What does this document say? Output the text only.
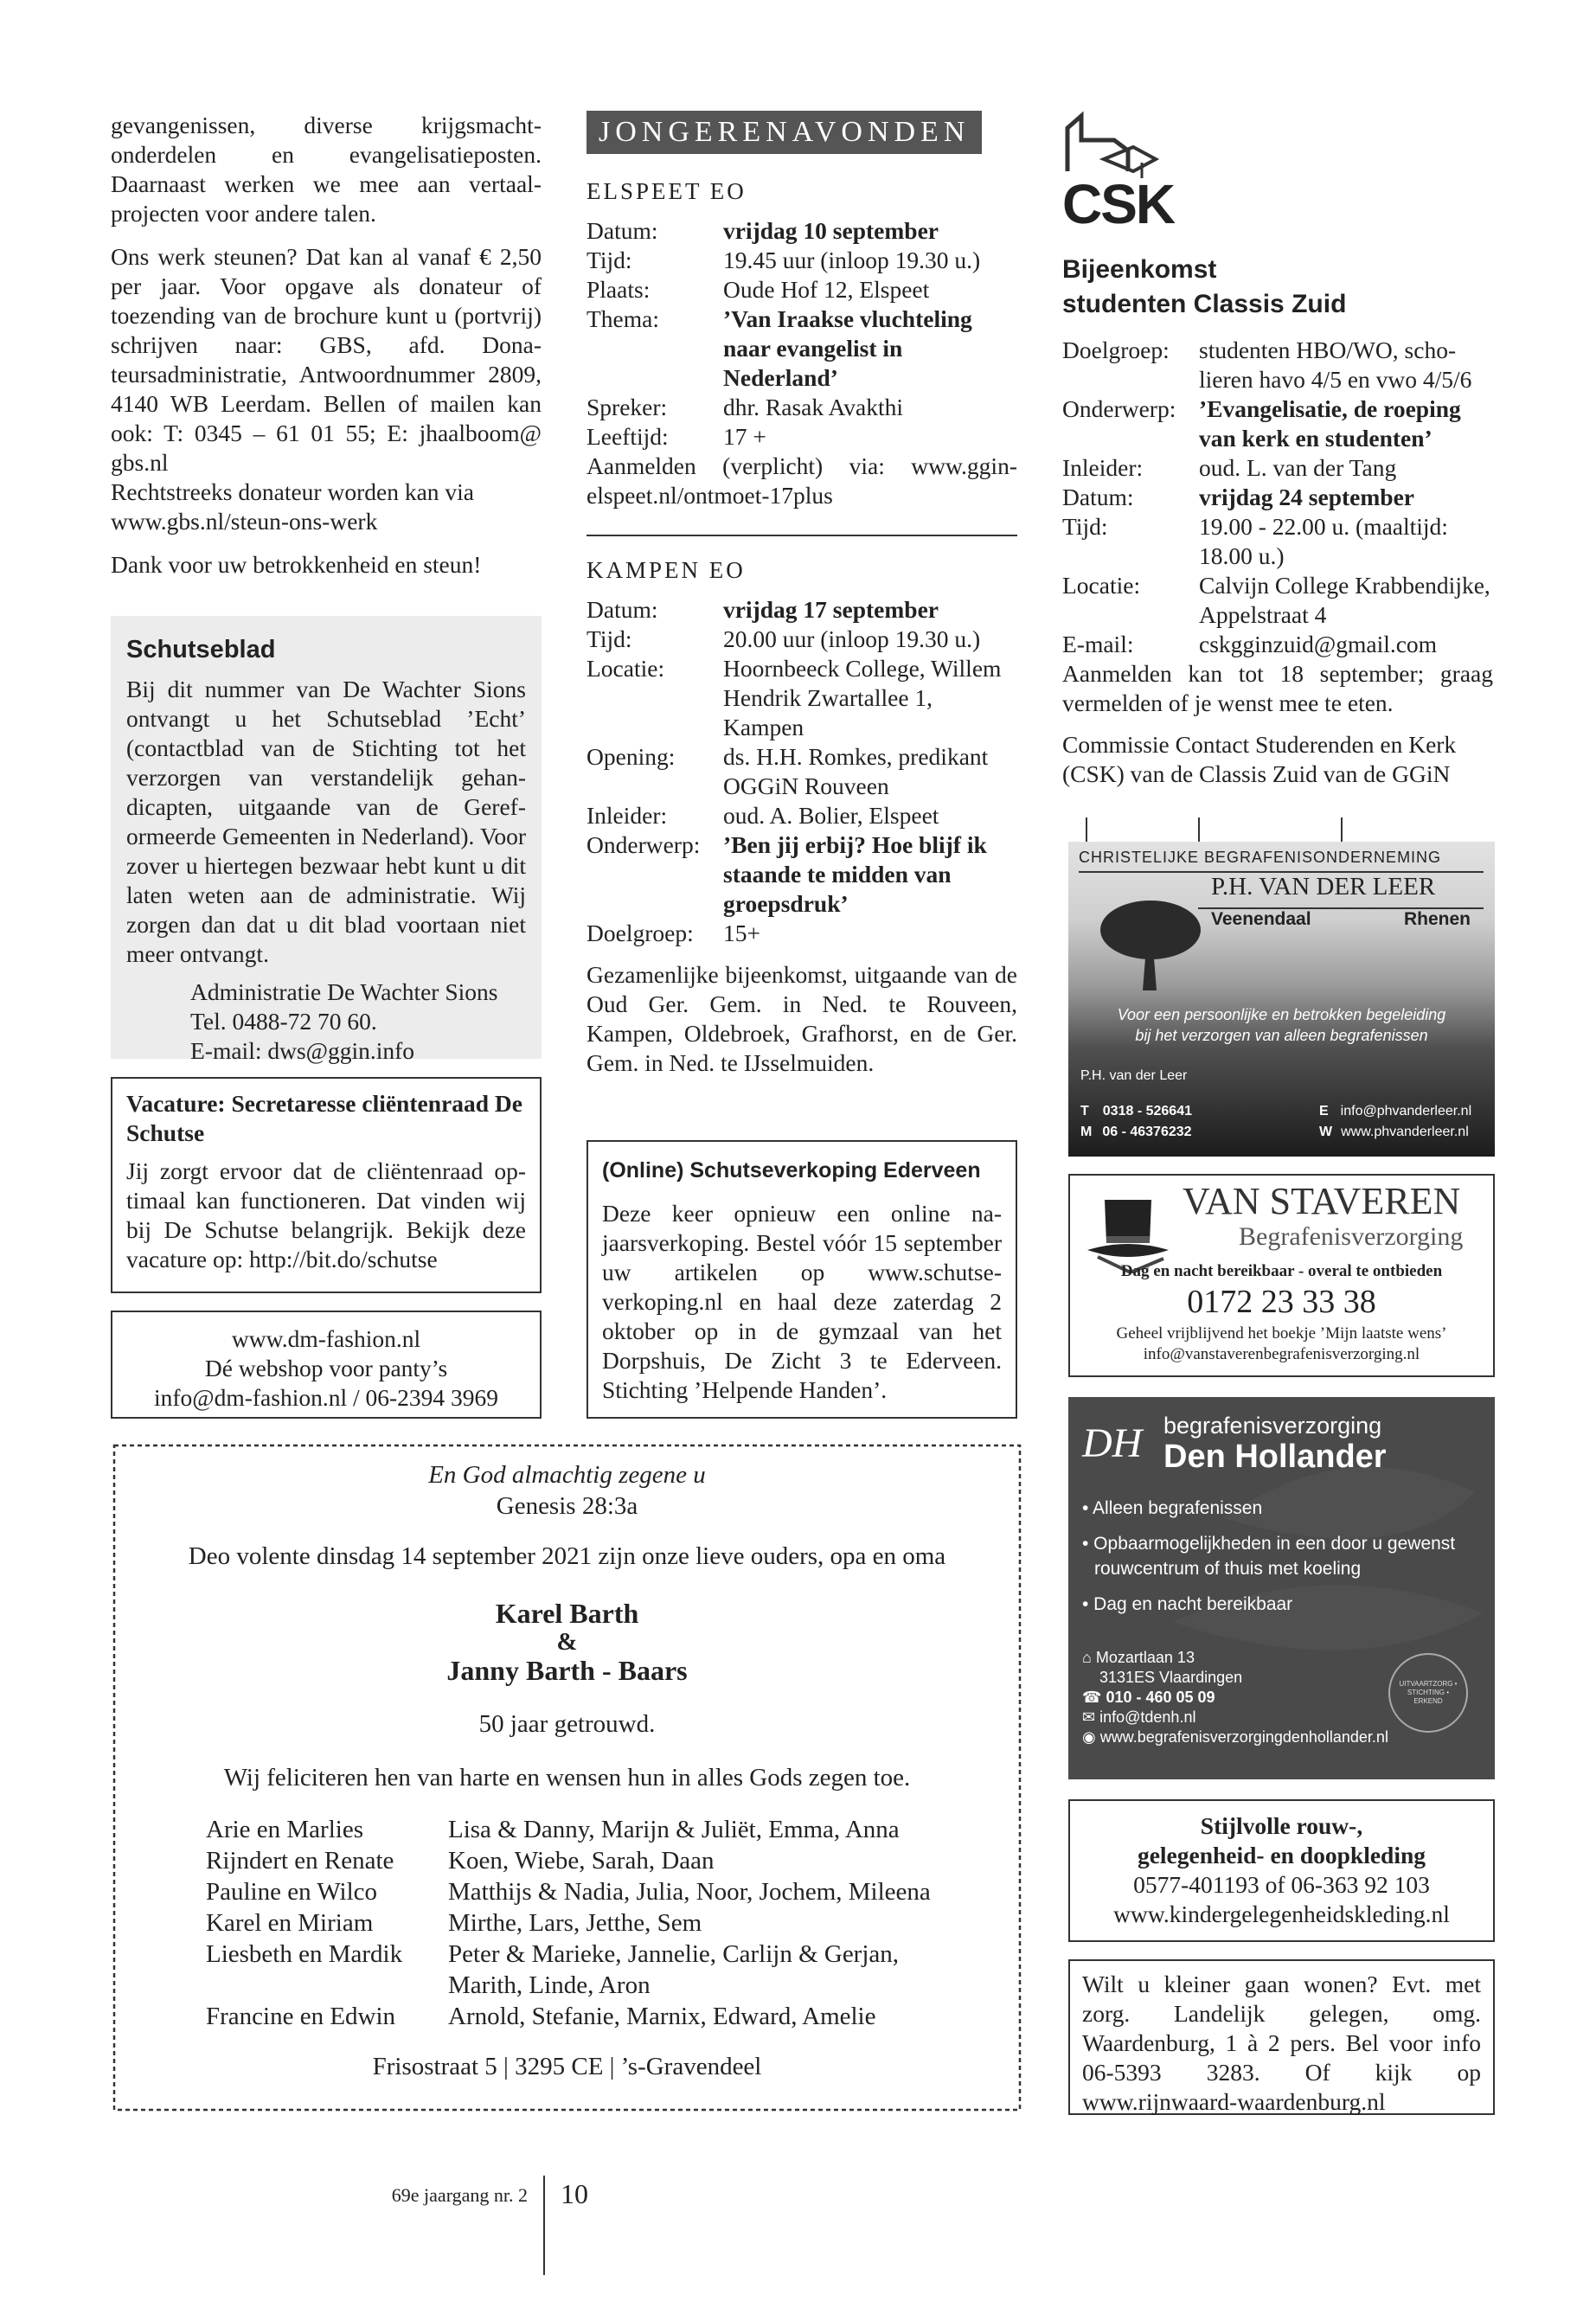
gevangenissen, diverse krijgsmachtonderdelen en evangelisatieposten. Daarnaast werken we mee aan vertaalprojecten voor andere talen.

Ons werk steunen? Dat kan al vanaf € 2,50 per jaar. Voor opgave als donateur of toezending van de brochure kunt u (portvrij) schrijven naar: GBS, afd. Donateursadministratie, Antwoordnummer 2809, 4140 WB Leerdam. Bellen of mailen kan ook: T: 0345 – 61 01 55; E: jhaalboom@ gbs.nl

Rechtstreeks donateur worden kan via www.gbs.nl/steun-ons-werk

Dank voor uw betrokkenheid en steun!

Schutseblad

Bij dit nummer van De Wachter Sions ontvangt u het Schutseblad ’Echt’ (contactblad van de Stichting tot het verzorgen van verstandelijk gehandicapten, uitgaande van de Gereformeerde Gemeenten in Nederland). Voor zover u hiertegen bezwaar hebt kunt u dit laten weten aan de administratie. Wij zorgen dan dat u dit blad voortaan niet meer ontvangt.

Administratie De Wachter Sions
Tel. 0488-72 70 60.
E-mail: dws@ggin.info
Vacature: Secretaresse cliëntenraad De Schutse

Jij zorgt ervoor dat de cliëntenraad optimaal kan functioneren. Dat vinden wij bij De Schutse belangrijk. Bekijk deze vacature op: http://bit.do/schutse

www.dm-fashion.nl
Dé webshop voor panty’s
info@dm-fashion.nl / 06-2394 3969
JONGERENAVONDEN
ELSPEET EO
Datum:	vrijdag 10 september
Tijd:	19.45 uur (inloop 19.30 u.)
Plaats:	Oude Hof 12, Elspeet
Thema:	’Van Iraakse vluchteling naar evangelist in Nederland’
Spreker:	dhr. Rasak Avakthi
Leeftijd:	17 +

Aanmelden (verplicht) via: www.gginelspeet.nl/ontmoet-17plus

KAMPEN EO
Datum:	vrijdag 17 september
Tijd:	20.00 uur (inloop 19.30 u.)
Locatie:	Hoornbeeck College, Willem Hendrik Zwartallee 1, Kampen
Opening:	ds. H.H. Romkes, predikant OGGiN Rouveen
Inleider:	oud. A. Bolier, Elspeet
Onderwerp: ’Ben jij erbij? Hoe blijf ik staande te midden van groepsdruk’
Doelgroep:	15+

Gezamenlijke bijeenkomst, uitgaande van de Oud Ger. Gem. in Ned. te Rouveen, Kampen, Oldebroek, Grafhorst, en de Ger. Gem. in Ned. te IJsselmuiden.

(Online) Schutseverkoping Ederveen

Deze keer opnieuw een online najaarsverkoping. Bestel vóór 15 september uw artikelen op www.schutseverkoping.nl en haal deze zaterdag 2 oktober op in de gymzaal van het Dorpshuis, De Zicht 3 te Ederveen. Stichting ’Helpende Handen’.

CSK
Bijeenkomst studenten Classis Zuid
Doelgroep:	studenten HBO/WO, scholieren havo 4/5 en vwo 4/5/6
Onderwerp: ’Evangelisatie, de roeping van kerk en studenten’
Inleider:	oud. L. van der Tang
Datum:	vrijdag 24 september
Tijd:	19.00 - 22.00 u. (maaltijd: 18.00 u.)
Locatie:	Calvijn College Krabbendijke, Appelstraat 4
E-mail:	cskgginzuid@gmail.com

Aanmelden kan tot 18 september; graag vermelden of je wenst mee te eten.

Commissie Contact Studerenden en Kerk (CSK) van de Classis Zuid van de GGiN

CHRISTELIJKE BEGRAFENISONDERNEMING
P.H. VAN DER LEER
Veenendaal	Rhenen
Voor een persoonlijke en betrokken begeleiding
bij het verzorgen van alleen begrafenissen
P.H. van der Leer
T 0318 - 526641
M 06 - 46376232
E info@phvanderleer.nl
W www.phvanderleer.nl
VAN STAVEREN
Begrafenisverzorging
Dag en nacht bereikbaar - overal te ontbieden
0172 23 33 38
Geheel vrijblijvend het boekje ’Mijn laatste wens’
info@vanstaverenbegrafenisverzorging.nl
DH begrafenisverzorging
Den Hollander
• Alleen begrafenissen
• Opbaarmogelijkheden in een door u gewenst rouwcentrum of thuis met koeling
• Dag en nacht bereikbaar
⌂ Mozartlaan 13
3131ES Vlaardingen
☎ 010 - 460 05 09
✉ info@tdenh.nl
◉ www.begrafenisverzorgingdenhollander.nl
UITVAARTZORG • STICHTING • ERKEND
Stijlvolle rouw-, gelegenheid- en doopkleding
0577-401193 of 06-363 92 103
www.kindergelegenheidskleding.nl

Wilt u kleiner gaan wonen? Evt. met zorg. Landelijk gelegen, omg. Waardenburg, 1 à 2 pers. Bel voor info 06-5393 3283. Of kijk op www.rijnwaard-waardenburg.nl

En God almachtig zegene u
Genesis 28:3a
Deo volente dinsdag 14 september 2021 zijn onze lieve ouders, opa en oma
Karel Barth
&
Janny Barth - Baars
50 jaar getrouwd.
Wij feliciteren hen van harte en wensen hun in alles Gods zegen toe.
Arie en Marlies	Lisa & Danny, Marijn & Juliët, Emma, Anna
Rijndert en Renate	Koen, Wiebe, Sarah, Daan
Pauline en Wilco	Matthijs & Nadia, Julia, Noor, Jochem, Mileena
Karel en Miriam	Mirthe, Lars, Jetthe, Sem
Liesbeth en Mardik	Peter & Marieke, Jannelie, Carlijn & Gerjan, Marith, Linde, Aron
Francine en Edwin	Arnold, Stefanie, Marnix, Edward, Amelie
Frisostraat 5 | 3295 CE | ’s-Gravendeel
69e jaargang nr. 2 10
